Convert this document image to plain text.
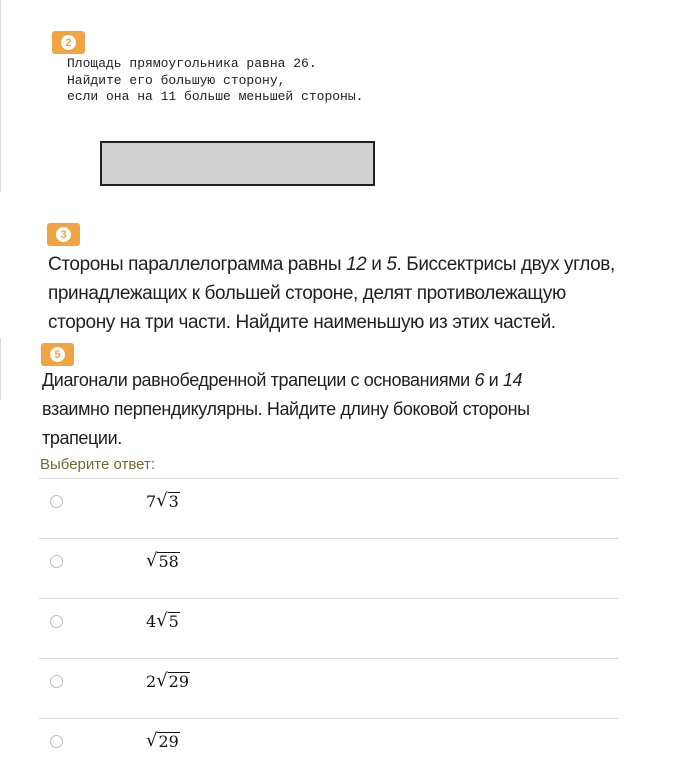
2
Площадь прямоугольника равна 26.
Найдите его большую сторону,
если она на 11 больше меньшей стороны.
3
Стороны параллелограмма равны 12 и 5. Биссектрисы двух углов,
принадлежащих к большей стороне, делят противолежащую
сторону на три части. Найдите наименьшую из этих частей.
5
Диагонали равнобедренной трапеции с основаниями 6 и 14
взаимно перпендикулярны. Найдите длину боковой стороны
трапеции.
Выберите ответ:
7 √ 3
√ 58
4 √ 5
2 √ 29
√ 29
